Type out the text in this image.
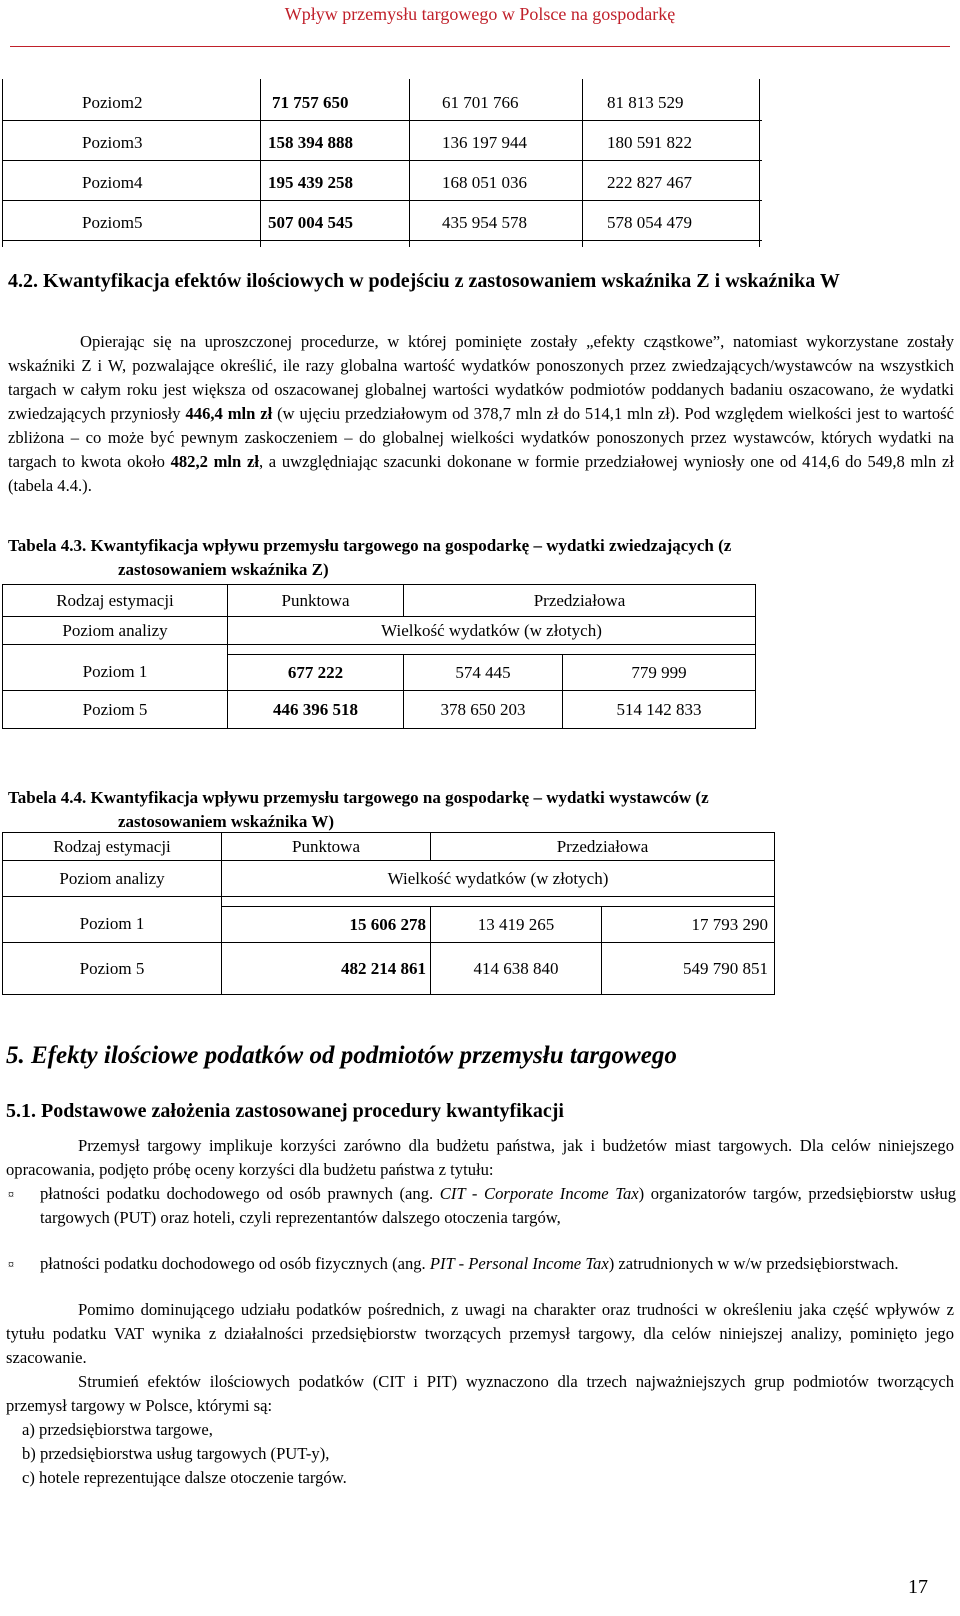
Wpływ przemysłu targowego w Polsce na gospodarkę
Poziom2	71 757 650	61 701 766	81 813 529
Poziom3	158 394 888	136 197 944	180 591 822
Poziom4	195 439 258	168 051 036	222 827 467
Poziom5	507 004 545	435 954 578	578 054 479
4.2. Kwantyfikacja efektów ilościowych w podejściu z zastosowaniem wskaźnika Z i wskaźnika W
Opierając się na uproszczonej procedurze, w której pominięte zostały „efekty cząstkowe”, natomiast wykorzystane zostały wskaźniki Z i W, pozwalające określić, ile razy globalna wartość wydatków ponoszonych przez zwiedzających/wystawców na wszystkich targach w całym roku jest większa od oszacowanej globalnej wartości wydatków podmiotów poddanych badaniu oszacowano, że wydatki zwiedzających przyniosły 446,4 mln zł (w ujęciu przedziałowym od 378,7 mln zł do 514,1 mln zł). Pod względem wielkości jest to wartość zbliżona – co może być pewnym zaskoczeniem – do globalnej wielkości wydatków ponoszonych przez wystawców, których wydatki na targach to kwota około 482,2 mln zł, a uwzględniając szacunki dokonane w formie przedziałowej wyniosły one od 414,6 do 549,8 mln zł (tabela 4.4.).
Tabela 4.3. Kwantyfikacja wpływu przemysłu targowego na gospodarkę – wydatki zwiedzających (z
zastosowaniem wskaźnika Z)
Rodzaj estymacji	Punktowa	Przedziałowa	
Poziom analizy	Wielkość wydatków (w złotych)		

Poziom 1	677 222	574 445	779 999
Poziom 5	446 396 518	378 650 203	514 142 833
Tabela 4.4. Kwantyfikacja wpływu przemysłu targowego na gospodarkę – wydatki wystawców (z
zastosowaniem wskaźnika W)
Rodzaj estymacji	Punktowa	Przedziałowa	
Poziom analizy	Wielkość wydatków (w złotych)		

Poziom 1	15 606 278	13 419 265	17 793 290
Poziom 5	482 214 861	414 638 840	549 790 851
5. Efekty ilościowe podatków od podmiotów przemysłu targowego
5.1. Podstawowe założenia zastosowanej procedury kwantyfikacji
Przemysł targowy implikuje korzyści zarówno dla budżetu państwa, jak i budżetów miast targowych. Dla celów niniejszego opracowania, podjęto próbę oceny korzyści dla budżetu państwa z tytułu:
¤ płatności podatku dochodowego od osób prawnych (ang. CIT - Corporate Income Tax) organizatorów targów, przedsiębiorstw usług targowych (PUT) oraz hoteli, czyli reprezentantów dalszego otoczenia targów,
¤ płatności podatku dochodowego od osób fizycznych (ang. PIT - Personal Income Tax) zatrudnionych w w/w przedsiębiorstwach.
Pomimo dominującego udziału podatków pośrednich, z uwagi na charakter oraz trudności w określeniu jaka część wpływów z tytułu podatku VAT wynika z działalności przedsiębiorstw tworzących przemysł targowy, dla celów niniejszej analizy, pominięto jego szacowanie.
Strumień efektów ilościowych podatków (CIT i PIT) wyznaczono dla trzech najważniejszych grup podmiotów tworzących przemysł targowy w Polsce, którymi są:
a) przedsiębiorstwa targowe,
b) przedsiębiorstwa usług targowych (PUT-y),
c) hotele reprezentujące dalsze otoczenie targów.
17
